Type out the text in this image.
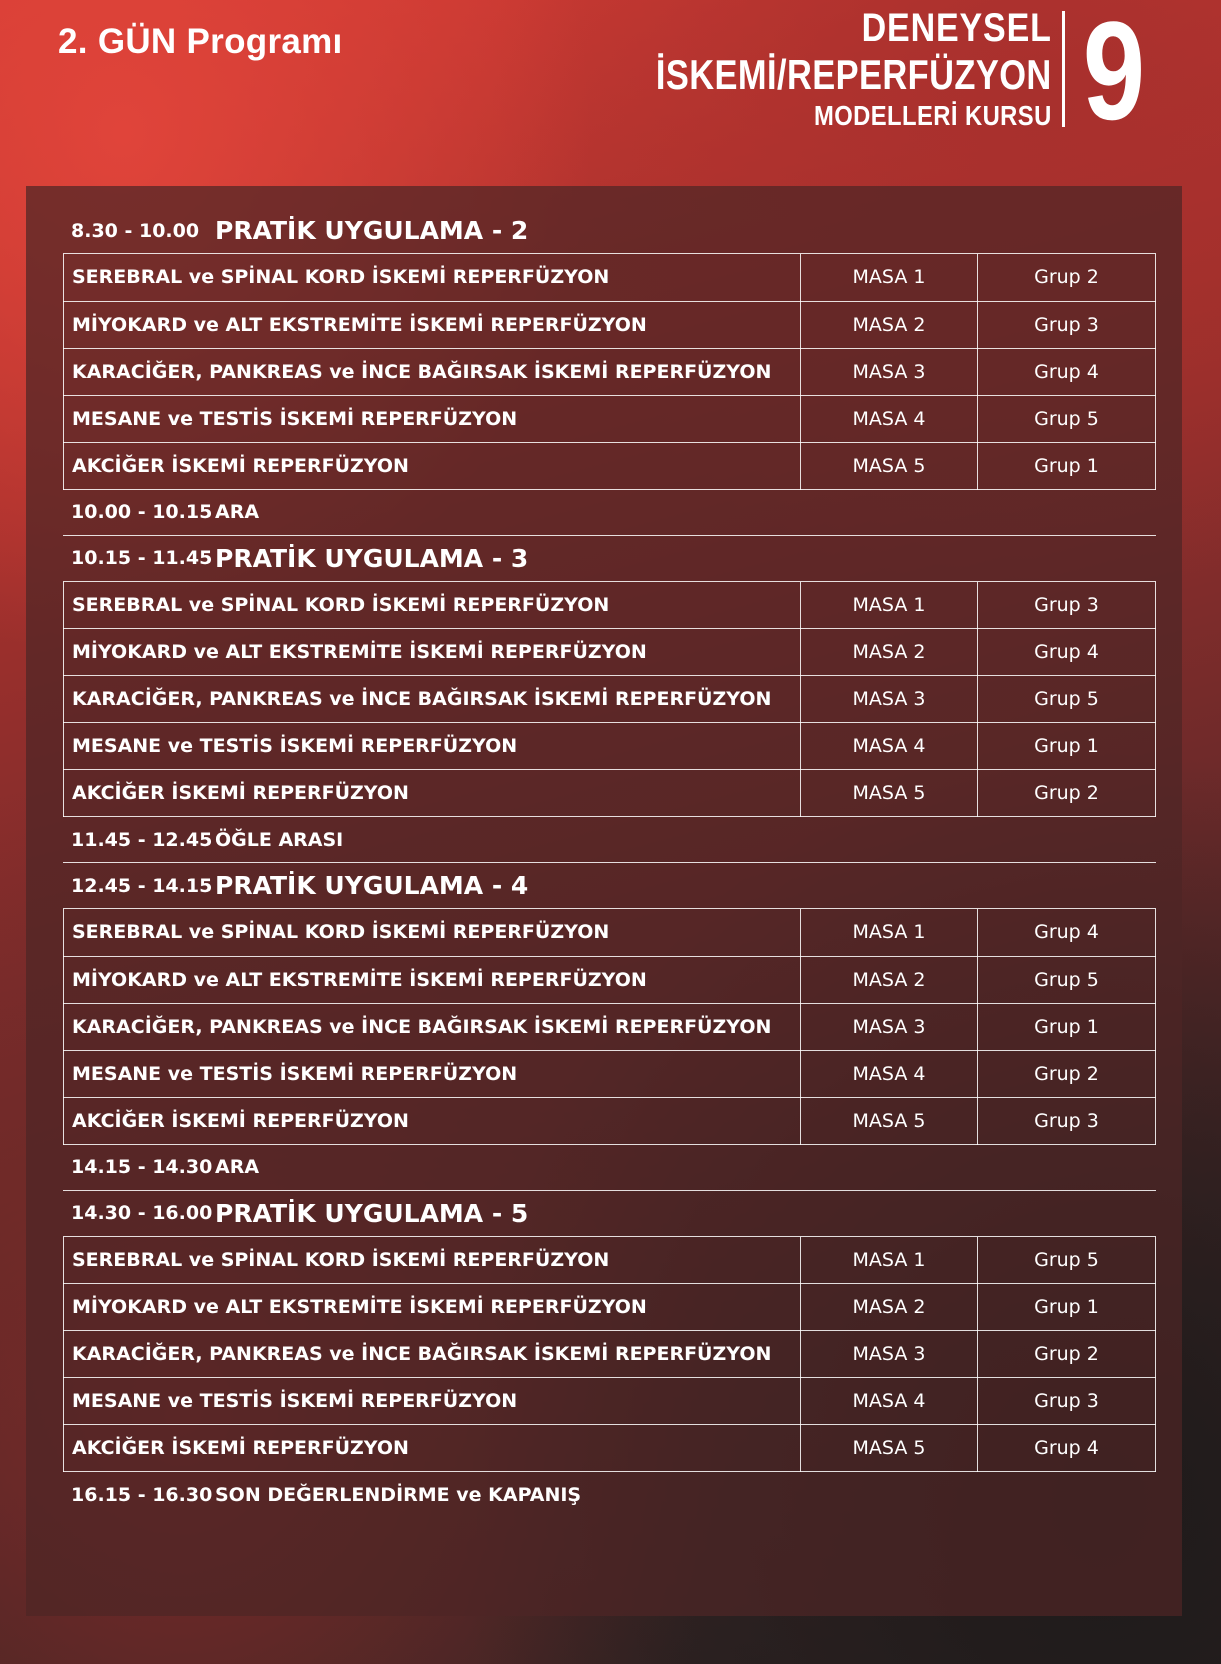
2. GÜN Programı	DENEYSEL
İSKEMİ/REPERFÜZYON
MODELLERİ KURSU 9
8.30 - 10.00 PRATİK UYGULAMA - 2
SEREBRAL ve SPİNAL KORD İSKEMİ REPERFÜZYON	MASA 1	Grup 2
MİYOKARD ve ALT EKSTREMİTE İSKEMİ REPERFÜZYON	MASA 2	Grup 3
KARACİĞER, PANKREAS ve İNCE BAĞIRSAK İSKEMİ REPERFÜZYON	MASA 3	Grup 4
MESANE ve TESTİS İSKEMİ REPERFÜZYON	MASA 4	Grup 5
AKCİĞER İSKEMİ REPERFÜZYON	MASA 5	Grup 1
10.00 - 10.15 ARA
10.15 - 11.45 PRATİK UYGULAMA - 3
SEREBRAL ve SPİNAL KORD İSKEMİ REPERFÜZYON	MASA 1	Grup 3
MİYOKARD ve ALT EKSTREMİTE İSKEMİ REPERFÜZYON	MASA 2	Grup 4
KARACİĞER, PANKREAS ve İNCE BAĞIRSAK İSKEMİ REPERFÜZYON	MASA 3	Grup 5
MESANE ve TESTİS İSKEMİ REPERFÜZYON	MASA 4	Grup 1
AKCİĞER İSKEMİ REPERFÜZYON	MASA 5	Grup 2
11.45 - 12.45 ÖĞLE ARASI
12.45 - 14.15 PRATİK UYGULAMA - 4
SEREBRAL ve SPİNAL KORD İSKEMİ REPERFÜZYON	MASA 1	Grup 4
MİYOKARD ve ALT EKSTREMİTE İSKEMİ REPERFÜZYON	MASA 2	Grup 5
KARACİĞER, PANKREAS ve İNCE BAĞIRSAK İSKEMİ REPERFÜZYON	MASA 3	Grup 1
MESANE ve TESTİS İSKEMİ REPERFÜZYON	MASA 4	Grup 2
AKCİĞER İSKEMİ REPERFÜZYON	MASA 5	Grup 3
14.15 - 14.30 ARA
14.30 - 16.00 PRATİK UYGULAMA - 5
SEREBRAL ve SPİNAL KORD İSKEMİ REPERFÜZYON	MASA 1	Grup 5
MİYOKARD ve ALT EKSTREMİTE İSKEMİ REPERFÜZYON	MASA 2	Grup 1
KARACİĞER, PANKREAS ve İNCE BAĞIRSAK İSKEMİ REPERFÜZYON	MASA 3	Grup 2
MESANE ve TESTİS İSKEMİ REPERFÜZYON	MASA 4	Grup 3
AKCİĞER İSKEMİ REPERFÜZYON	MASA 5	Grup 4
16.15 - 16.30 SON DEĞERLENDİRME ve KAPANIŞ
